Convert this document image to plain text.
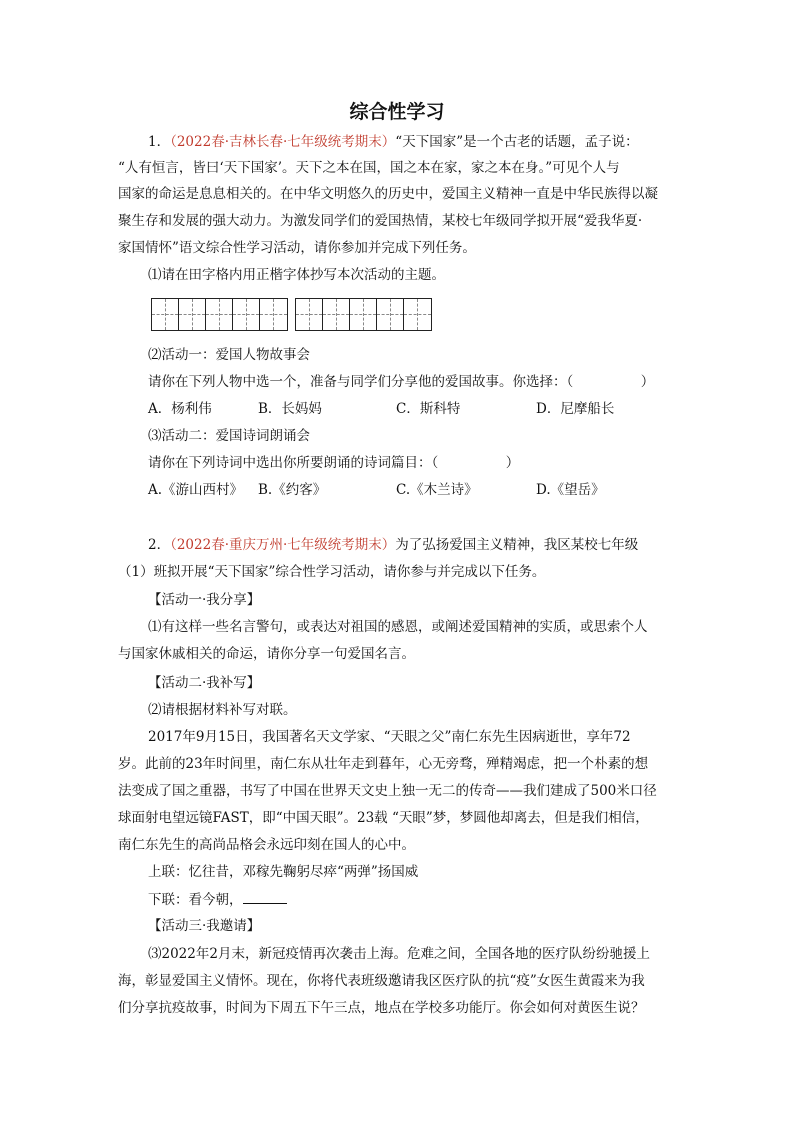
综合性学习
1．（2022春·吉林长春·七年级统考期末）“天下国家”是一个古老的话题，孟子说：
“人有恒言，皆曰‘天下国家’。天下之本在国，国之本在家，家之本在身。”可见个人与
国家的命运是息息相关的。在中华文明悠久的历史中，爱国主义精神一直是中华民族得以凝
聚生存和发展的强大动力。为激发同学们的爱国热情，某校七年级同学拟开展“爱我华夏·
家国情怀”语文综合性学习活动，请你参加并完成下列任务。
⑴请在田字格内用正楷字体抄写本次活动的主题。
⑵活动一：爱国人物故事会
请你在下列人物中选一个，准备与同学们分享他的爱国故事。你选择：（　　　　　）
A．杨利伟	B．长妈妈	C．斯科特	D．尼摩船长
⑶活动二：爱国诗词朗诵会
请你在下列诗词中选出你所要朗诵的诗词篇目：（　　　　　）
A.《游山西村》 B.《约客》	C.《木兰诗》	D.《望岳》
2．（2022春·重庆万州·七年级统考期末）为了弘扬爱国主义精神，我区某校七年级
（1）班拟开展“天下国家”综合性学习活动，请你参与并完成以下任务。
【活动一·我分享】
⑴有这样一些名言警句，或表达对祖国的感恩，或阐述爱国精神的实质，或思索个人
与国家休戚相关的命运，请你分享一句爱国名言。
【活动二·我补写】
⑵请根据材料补写对联。
2017年9月15日，我国著名天文学家、“天眼之父”南仁东先生因病逝世，享年72
岁。此前的23年时间里，南仁东从壮年走到暮年，心无旁骛，殚精竭虑，把一个朴素的想
法变成了国之重器，书写了中国在世界天文史上独一无二的传奇——我们建成了500米口径
球面射电望远镜FAST，即“中国天眼”。23载 “天眼”梦，梦圆他却离去，但是我们相信，
南仁东先生的高尚品格会永远印刻在国人的心中。
上联：忆往昔，邓稼先鞠躬尽瘁“两弹”扬国威
下联：看今朝，
【活动三·我邀请】
⑶2022年2月末，新冠疫情再次袭击上海。危难之间，全国各地的医疗队纷纷驰援上
海，彰显爱国主义情怀。现在，你将代表班级邀请我区医疗队的抗“疫”女医生黄霞来为我
们分享抗疫故事，时间为下周五下午三点，地点在学校多功能厅。你会如何对黄医生说？
